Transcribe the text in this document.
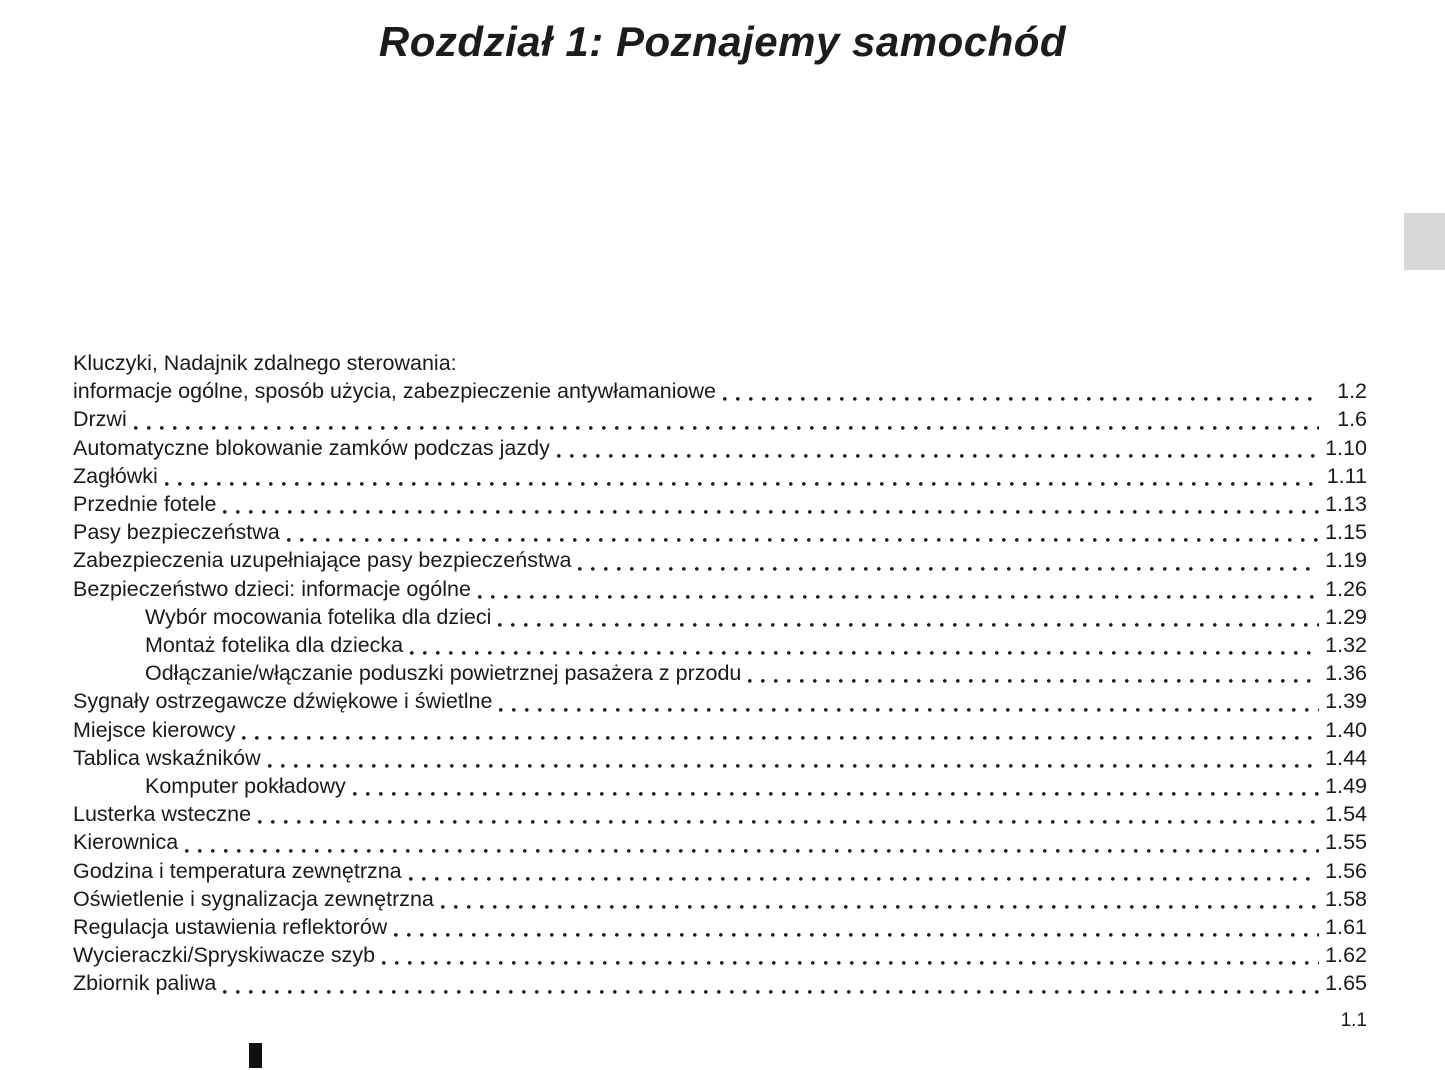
Rozdział 1: Poznajemy samochód
Kluczyki, Nadajnik zdalnego sterowania:
informacje ogólne, sposób użycia, zabezpieczenie antywłamaniowe	1.2
Drzwi	1.6
Automatyczne blokowanie zamków podczas jazdy	1.10
Zagłówki	1.11
Przednie fotele	1.13
Pasy bezpieczeństwa	1.15
Zabezpieczenia uzupełniające pasy bezpieczeństwa	1.19
Bezpieczeństwo dzieci: informacje ogólne	1.26
Wybór mocowania fotelika dla dzieci	1.29
Montaż fotelika dla dziecka	1.32
Odłączanie/włączanie poduszki powietrznej pasażera z przodu	1.36
Sygnały ostrzegawcze dźwiękowe i świetlne	1.39
Miejsce kierowcy	1.40
Tablica wskaźników	1.44
Komputer pokładowy	1.49
Lusterka wsteczne	1.54
Kierownica	1.55
Godzina i temperatura zewnętrzna	1.56
Oświetlenie i sygnalizacja zewnętrzna	1.58
Regulacja ustawienia reflektorów	1.61
Wycieraczki/Spryskiwacze szyb	1.62
Zbiornik paliwa	1.65
1.1
